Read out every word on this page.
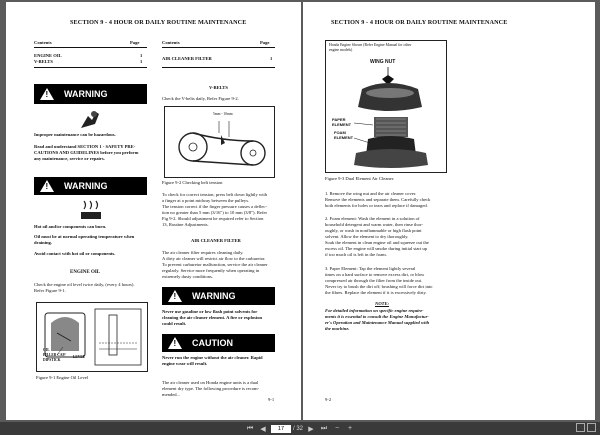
SECTION 9 - 4 HOUR OR DAILY ROUTINE MAINTENANCE
Contents	Page
ENGINE OIL	1
V-BELTS	1
! WARNING
Improper maintenance can be hazardous.
Read and understand SECTION 1 - SAFETY PRE-
CAUTIONS AND GUIDELINES before you perform
any maintenance, service or repairs.
! WARNING
Hot oil and/or components can burn.
Oil must be at normal operating temperature when
draining.
Avoid contact with hot oil or components.
ENGINE OIL
Check the engine oil level twice daily, (every 4 hours).
Refer Figure 9-1.
OIL
FILLER CAP/
DIPSTICK
LEVEL
Figure 9-1 Engine Oil Level
Contents	Page
AIR CLEANER FILTER	1
V-BELTS
Check the V-belts daily, Refer Figure 9-2.
5mm - 10mm
Figure 9-2 Checking belt tension
To check for correct tension, press belt down lightly with
a finger at a point midway between the pulleys.
The tension correct if the finger pressure causes a deflec-
tion no greater than 5 mm (3/16") to 10 mm (3/8"). Refer
Fig 9-2. Should adjustment be required refer to Section
13, Routine Adjustments.
AIR CLEANER FILTER
The air cleaner filter requires cleaning daily.
A dirty air cleaner will restrict air flow to the carburetor.
To prevent carburetor malfunction, service the air cleaner
regularly. Service more frequently when operating in
extremely dusty conditions.
! WARNING
Never use gasoline or low flash point solvents for
cleaning the air cleaner element. A fire or explosion
could result.
! CAUTION
Never run the engine without the air cleaner. Rapid
engine wear will result.
The air cleaner used on Honda engine units is a dual
element dry type. The following procedure is recom-
mended...
9-1
SECTION 9 - 4 HOUR OR DAILY ROUTINE MAINTENANCE
Honda Engine Shown (Refer Engine Manual for other
engine models)
WING NUT
PAPER
ELEMENT
FOAM
ELEMENT
Figure 9-3 Dual Element Air Cleaner.
1. Remove the wing nut and the air cleaner cover.
Remove the elements and separate them. Carefully check
both elements for holes or tears and replace if damaged.
2. Foam element: Wash the element in a solution of
household detergent and warm water, then rinse thor-
oughly, or wash in nonflammable or high flash point
solvent. Allow the element to dry thoroughly.
Soak the element in clean engine oil and squeeze out the
excess oil. The engine will smoke during initial start up
if too much oil is left in the foam.
3. Paper Element: Tap the element lightly several
times on a hard surface to remove excess dirt, or blow
compressed air through the filter from the inside out.
Never try to brush the dirt off; brushing will force dirt into
the fibres. Replace the element if it is excessively dirty.
NOTE:
For detailed information on specific engine require-
ments it is essential to consult the Engine Manufactur-
er's Operation and Maintenance Manual supplied with
the machine.
9-2
⏮	◀	17	/ 32 ▶	⏭	−	+
